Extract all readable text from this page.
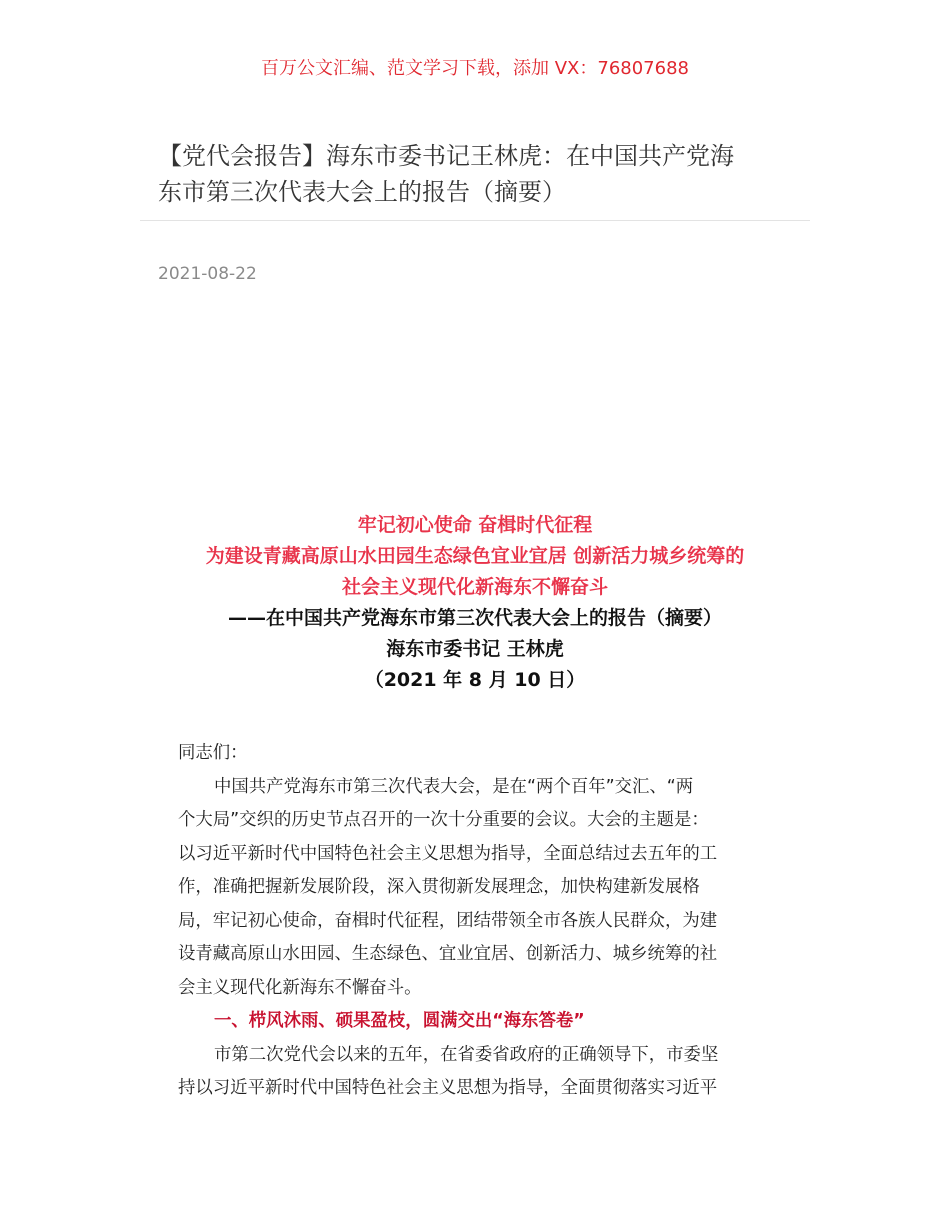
百万公文汇编、范文学习下载，添加 VX：76807688
【党代会报告】海东市委书记王林虎：在中国共产党海
东市第三次代表大会上的报告（摘要）
2021-08-22
牢记初心使命 奋楫时代征程
为建设青藏高原山水田园生态绿色宜业宜居 创新活力城乡统筹的
社会主义现代化新海东不懈奋斗
——在中国共产党海东市第三次代表大会上的报告（摘要）
海东市委书记 王林虎
（2021 年 8 月 10 日）
同志们：
中国共产党海东市第三次代表大会，是在“两个百年”交汇、“两
个大局”交织的历史节点召开的一次十分重要的会议。大会的主题是：
以习近平新时代中国特色社会主义思想为指导，全面总结过去五年的工
作，准确把握新发展阶段，深入贯彻新发展理念，加快构建新发展格
局，牢记初心使命，奋楫时代征程，团结带领全市各族人民群众，为建
设青藏高原山水田园、生态绿色、宜业宜居、创新活力、城乡统筹的社
会主义现代化新海东不懈奋斗。
一、栉风沐雨、硕果盈枝，圆满交出“海东答卷”
市第二次党代会以来的五年，在省委省政府的正确领导下，市委坚
持以习近平新时代中国特色社会主义思想为指导，全面贯彻落实习近平
